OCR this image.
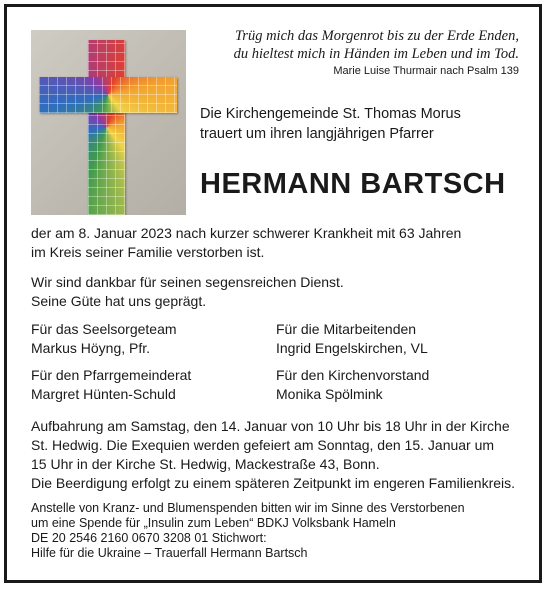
Trüg mich das Morgenrot bis zu der Erde Enden,
du hieltest mich in Händen im Leben und im Tod.
Marie Luise Thurmair nach Psalm 139
Die Kirchengemeinde St. Thomas Morus
trauert um ihren langjährigen Pfarrer
HERMANN BARTSCH
der am 8. Januar 2023 nach kurzer schwerer Krankheit mit 63 Jahren
im Kreis seiner Familie verstorben ist.
Wir sind dankbar für seinen segensreichen Dienst.
Seine Güte hat uns geprägt.
Für das Seelsorgeteam
Markus Höyng, Pfr.
Für die Mitarbeitenden
Ingrid Engelskirchen, VL
Für den Pfarrgemeinderat
Margret Hünten-Schuld
Für den Kirchenvorstand
Monika Spölmink
Aufbahrung am Samstag, den 14. Januar von 10 Uhr bis 18 Uhr in der Kirche
St. Hedwig. Die Exequien werden gefeiert am Sonntag, den 15. Januar um
15 Uhr in der Kirche St. Hedwig, Mackestraße 43, Bonn.
Die Beerdigung erfolgt zu einem späteren Zeitpunkt im engeren Familienkreis.
Anstelle von Kranz- und Blumenspenden bitten wir im Sinne des Verstorbenen
um eine Spende für „Insulin zum Leben“ BDKJ Volksbank Hameln
DE 20 2546 2160 0670 3208 01 Stichwort:
Hilfe für die Ukraine – Trauerfall Hermann Bartsch
